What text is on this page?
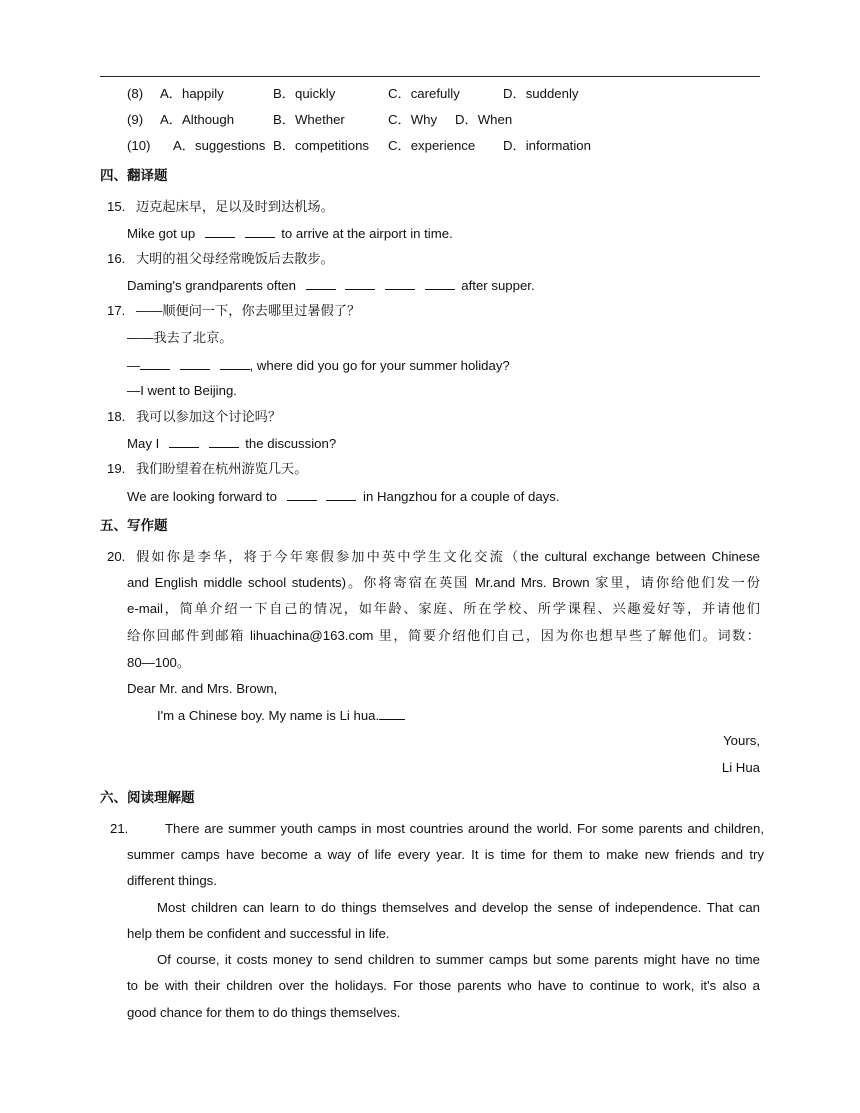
(8) A．happily	B．quickly	C．carefully	D．suddenly
(9) A．Although	B．Whether	C．Why D．When
(10) A．suggestions B．competitions C．experience D．information
四、翻译题
15. 迈克起床早，足以及时到达机场。
Mike got up	to arrive at the airport in time.
16. 大明的祖父母经常晚饭后去散步。
Daming's grandparents often	after supper.
17. ——顺便问一下，你去哪里过暑假了？
——我去了北京。
—	, where did you go for your summer holiday?
—I went to Beijing.
18. 我可以参加这个讨论吗？
May I	the discussion?
19. 我们盼望着在杭州游览几天。
We are looking forward to	in Hangzhou for a couple of days.
五、写作题
20. 假如你是李华，将于今年寒假参加中英中学生文化交流（the cultural exchange between Chinese
and English middle school students)。你将寄宿在英国 Mr.and Mrs. Brown 家里，请你给他们发一份
e-mail，简单介绍一下自己的情况，如年龄、家庭、所在学校、所学课程、兴趣爱好等，并请他们
给你回邮件到邮箱 lihuachina@163.com 里，简要介绍他们自己，因为你也想早些了解他们。词数：
80—100。
Dear Mr. and Mrs. Brown,
I'm a Chinese boy. My name is Li hua.
Yours,
Li Hua
六、阅读理解题
21.	There are summer youth camps in most countries around the world. For some parents and children,
summer camps have become a way of life every year. It is time for them to make new friends and try
different things.
Most children can learn to do things themselves and develop the sense of independence. That can
help them be confident and successful in life.
Of course, it costs money to send children to summer camps but some parents might have no time
to be with their children over the holidays. For those parents who have to continue to work, it's also a
good chance for them to do things themselves.
